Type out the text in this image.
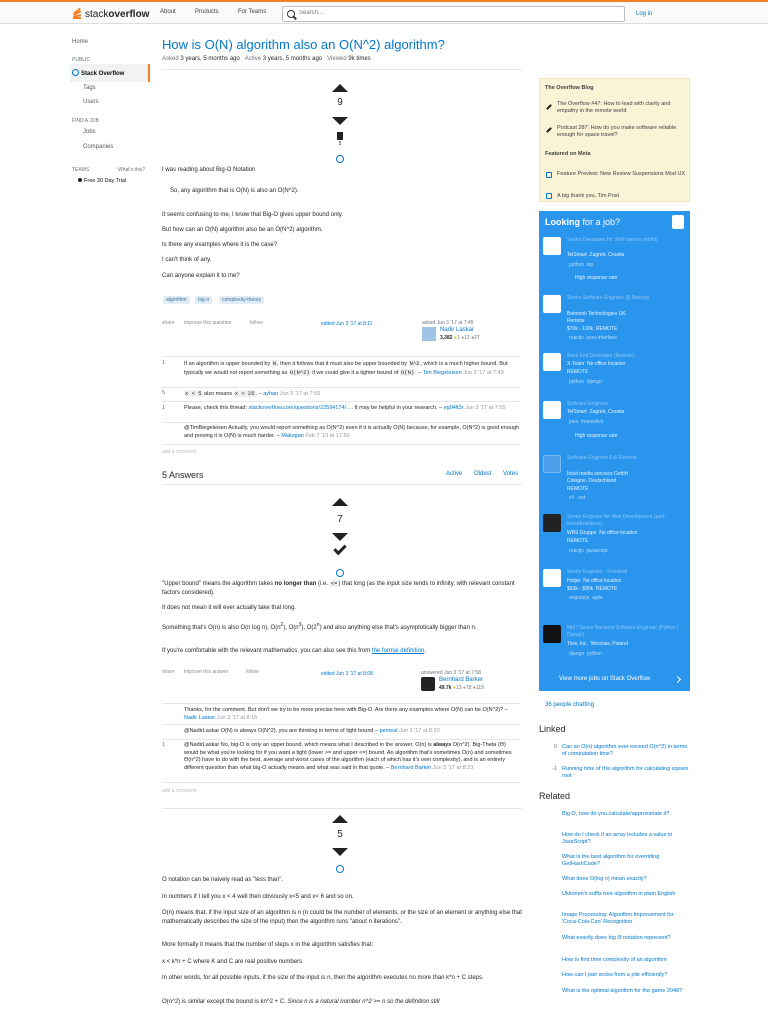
stackoverflow About	Products	For Teams
Search...	Log in
Home
PUBLIC
Stack Overflow
Tags
Users
FIND A JOB
Jobs
Companies
TEAMS	What's this?
Free 30 Day Trial
How is O(N) algorithm also an O(N^2) algorithm?
Asked 3 years, 5 months ago Active 3 years, 5 months ago Viewed 9k times
9
5

I was reading about Big-O Notation

So, any algorithm that is O(N) is also an O(N^2).

It seems confusing to me, I know that Big-O gives upper bound only.

But how can an O(N) algorithm also be an O(N^2) algorithm.

Is there any examples where it is the case?

I can't think of any.

Can anyone explain it to me?

algorithm	big-o	complexity-theory
share improve this question	follow	edited Jun 3 '17 at 8:11	asked Jun 3 '17 at 7:45
Nadir Laskar
3,382 ●1 ●12 ●27
1	If an algorithm is upper bounded by N, then it follows that it must also be upper bounded by N^2, which is a much higher bound. But typically we would not report something as O(N^2) if we could give it a tighter bound of O(N). – Tim Biegeleisen Jun 3 '17 at 7:49
5	x < 5 also means x < 25. – ayhan Jun 3 '17 at 7:50
1	Please, check this thread: stackoverflow.com/questions/22594174/…. It may be helpful in your research. – eg04lt3r Jun 3 '17 at 7:55
@TimBiegeleisen Actually, you would report something as O(N^2) even if it is actually O(N) because, for example, O(N^2) is good enough and proving it is O(N) is much harder. – Makogan Feb 7 '19 at 17:50
add a comment
5 Answers	Active Oldest Votes
7

"Upper bound" means the algorithm takes no longer than (i.e. <=) that long (as the input size tends to infinity, with relevant constant factors considered).

It does not mean it will ever actually take that long.

Something that's O(n) is also O(n log n), $O(n^2)$, $O(n^3)$, O(2$^n$) and also anything else that's asymptotically bigger than n.

If you're comfortable with the relevant mathematics, you can also see this from the formal definition.

share improve this answer	follow	edited Jun 3 '17 at 8:08	answered Jun 3 '17 at 7:58
Bernhard Barker
49.7k ●13 ●78 ●119
Thanks, for the comment. But don't we try to be more precise here with Big-O. Are there any examples where O(N) can be O(N^2)? – Nadir Laskar Jun 3 '17 at 8:15
@NadirLaskar O(N) is always O(N^2), you are thinking in terms of tight bound – pemeal Jun 3 '17 at 8:20
1	@NadirLaskar No, big-O is only an upper bound, which means what I described in the answer. O(n) is always O(n^2). Big-Theta (Θ) would be what you're looking for if you want a tight (lower >= and upper <=) bound. An algorithm that's sometimes O(n) and sometimes Θ(n^2) have to do with the best, average and worst cases of the algorithm (each of which has it's own complexity), and is an entirely different question than what big-O actually means and what was said in that quote. – Bernhard Barker Jun 3 '17 at 8:23
add a comment
5

O notation can be naively read as "less than".

In numbers if I tell you x < 4 well then obviously x<5 and x< 6 and so on.

O(n) means that, if the input size of an algorithm is n (n could be the number of elements, or the size of an element or anything else that mathematically describes the size of the input) then the algorithm runs "about n iterations".

More formally it means that the number of steps x in the algorithm satisfies that:

x < k*n + C where K and C are real positive numbers

In other words, for all possible inputs, if the size of the input is n, then the algorithm executes no more than k*n + C steps.

O(n^2) is similar except the bound is kn^2 + C. Since n is a natural number n^2 >= n so the definition still

The Overflow Blog
The Overflow #47: How to lead with clarity and empathy in the remote world
Podcast 287: How do you make software reliable enough for space travel?
Featured on Meta
Feature Preview: New Review Suspensions Mod UX
A big thank you, Tim Post
Looking for a job?
Senior Developer for VoIP service (m/f/d)
TelSmart Zagreb, Croatia
python sip
High response rate
Senior Software Engineer @ Betcorp
Betmonk Technologies UK
Remote
$70k - 100k REMOTE
reactjs user-interface
Back End Developer (Remote)
X-Team No office location
REMOTE
python django
Software Engineer
TelSmart Zagreb, Croatia
java freeswitch
High response rate
Software Engineer Full Remote
Intuit media services GmbH
Cologne, Deutschland
REMOTE
c# .net
Senior Engineer for Web Development (part-time&freelance)
WBS Gruppe No office location
REMOTE
reactjs javascript
Senior Engineer - Frontend
Hotjar No office location
$53k - $80k REMOTE
angularjs agile
Mid / Senior Backend Software Engineer (Python / Django)
Tivix, Inc. Wroclaw, Poland
django python
View more jobs on Stack Overflow
36 people chatting
Linked
6 Can an O(n) algorithm ever exceed O(n^2) in terms of computation time?
-1 Running time of this algorithm for calculating square root
Related
Big O, how do you calculate/approximate it?
How do I check if an array includes a value in JavaScript?
What is the best algorithm for overriding GetHashCode?
What does O(log n) mean exactly?
Ukkonen's suffix tree algorithm in plain English
Image Processing: Algorithm Improvement for 'Coca-Cola Can' Recognition
What exactly does big Θ notation represent?
How to find time complexity of an algorithm
How can I pair socks from a pile efficiently?
What is the optimal algorithm for the game 2048?
